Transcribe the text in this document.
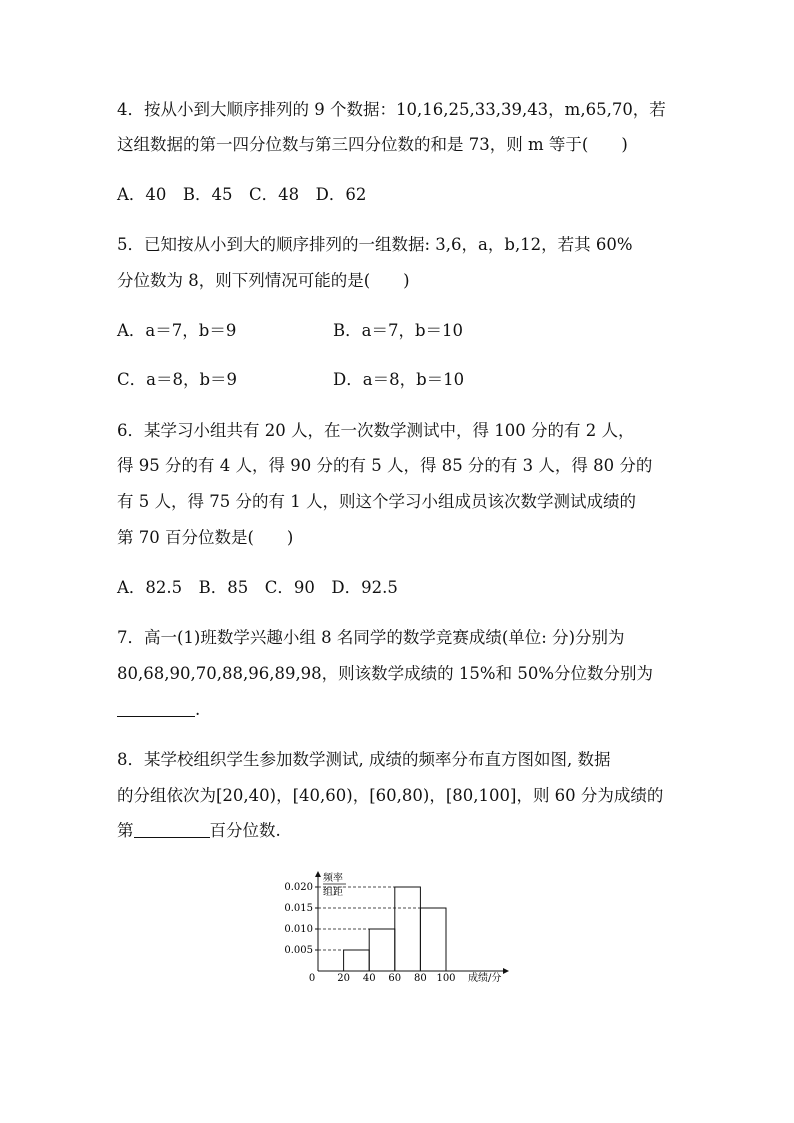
4．按从小到大顺序排列的 9 个数据：10,16,25,33,39,43，m,65,70，若
这组数据的第一四分位数与第三四分位数的和是 73，则 m 等于(　　)
A．40　B．45　C．48　D．62
5．已知按从小到大的顺序排列的一组数据: 3,6，a，b,12，若其 60%
分位数为 8，则下列情况可能的是(　　)
A．a＝7，b＝9	B．a＝7，b＝10
C．a＝8，b＝9	D．a＝8，b＝10
6．某学习小组共有 20 人，在一次数学测试中，得 100 分的有 2 人，
得 95 分的有 4 人，得 90 分的有 5 人，得 85 分的有 3 人，得 80 分的
有 5 人，得 75 分的有 1 人，则这个学习小组成员该次数学测试成绩的
第 70 百分位数是(　　)
A．82.5　B．85　C．90　D．92.5
7．高一(1)班数学兴趣小组 8 名同学的数学竞赛成绩(单位: 分)分别为
80,68,90,70,88,96,89,98，则该数学成绩的 15%和 50%分位数分别为
.
8．某学校组织学生参加数学测试, 成绩的频率分布直方图如图, 数据
的分组依次为[20,40)，[40,60)，[60,80)，[80,100]，则 60 分为成绩的
第	百分位数.
0.005
0.010
0.015
0.020
0 20 40 60 80 100
频率
组距
成绩/分
